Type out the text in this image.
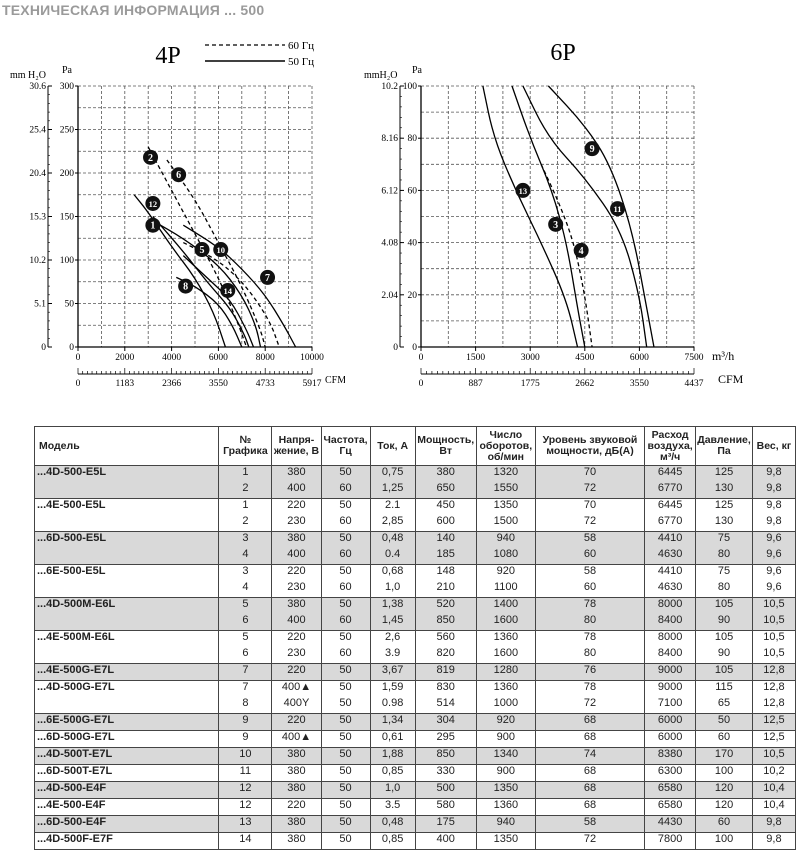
ТЕХНИЧЕСКАЯ ИНФОРМАЦИЯ ... 500
300
250
200
150
100
50
0
30.6
25.4
20.4
15.3
10.2
5.1
0
0	2000	4000	6000	8000	10000
0	1183	2366	3550	4733	5917
1
2
5
6
7
8
10
12
14
4P	60 Гц
50 Гц
mm H₂O Pa
CFM
100
80
60
40
20
0
10.2
8.16
6.12
4.08
2.04
0
0	1500	3000	4500	6000	7500
0	887	1775	2662	3550	4437
3
4
9
11
13
6P
mmH₂O Pa
m³/h
CFM
Модель	№ Графика	Напря-жение, В	Частота, Гц	Ток, А	Мощность, Вт	Число оборотов, об/мин	Уровень звуковой мощности, дБ(А)	Расход воздуха, м³/ч	Давление, Па	Вес, кг
...4D-500-E5L	1	380	50	0,75	380	1320	70	6445	125	9,8
	2	400	60	1,25	650	1550	72	6770	130	9,8
...4E-500-E5L	1	220	50	2.1	450	1350	70	6445	125	9,8
	2	230	60	2,85	600	1500	72	6770	130	9,8
...6D-500-E5L	3	380	50	0,48	140	940	58	4410	75	9,6
	4	400	60	0.4	185	1080	60	4630	80	9,6
...6E-500-E5L	3	220	50	0,68	148	920	58	4410	75	9,6
	4	230	60	1,0	210	1100	60	4630	80	9,6
...4D-500M-E6L	5	380	50	1,38	520	1400	78	8000	105	10,5
	6	400	60	1,45	850	1600	80	8400	90	10,5
...4E-500M-E6L	5	220	50	2,6	560	1360	78	8000	105	10,5
	6	230	60	3.9	820	1600	80	8400	90	10,5
...4E-500G-E7L	7	220	50	3,67	819	1280	76	9000	105	12,8
...4D-500G-E7L	7	400▲	50	1,59	830	1360	78	9000	115	12,8
	8	400Y	50	0.98	514	1000	72	7100	65	12,8
...6E-500G-E7L	9	220	50	1,34	304	920	68	6000	50	12,5
...6D-500G-E7L	9	400▲	50	0,61	295	900	68	6000	60	12,5
...4D-500T-E7L	10	380	50	1,88	850	1340	74	8380	170	10,5
...6D-500T-E7L	11	380	50	0,85	330	900	68	6300	100	10,2
...4D-500-E4F	12	380	50	1,0	500	1350	68	6580	120	10,4
...4E-500-E4F	12	220	50	3.5	580	1360	68	6580	120	10,4
...6D-500-E4F	13	380	50	0,48	175	940	58	4430	60	9,8
...4D-500F-E7F	14	380	50	0,85	400	1350	72	7800	100	9,8
